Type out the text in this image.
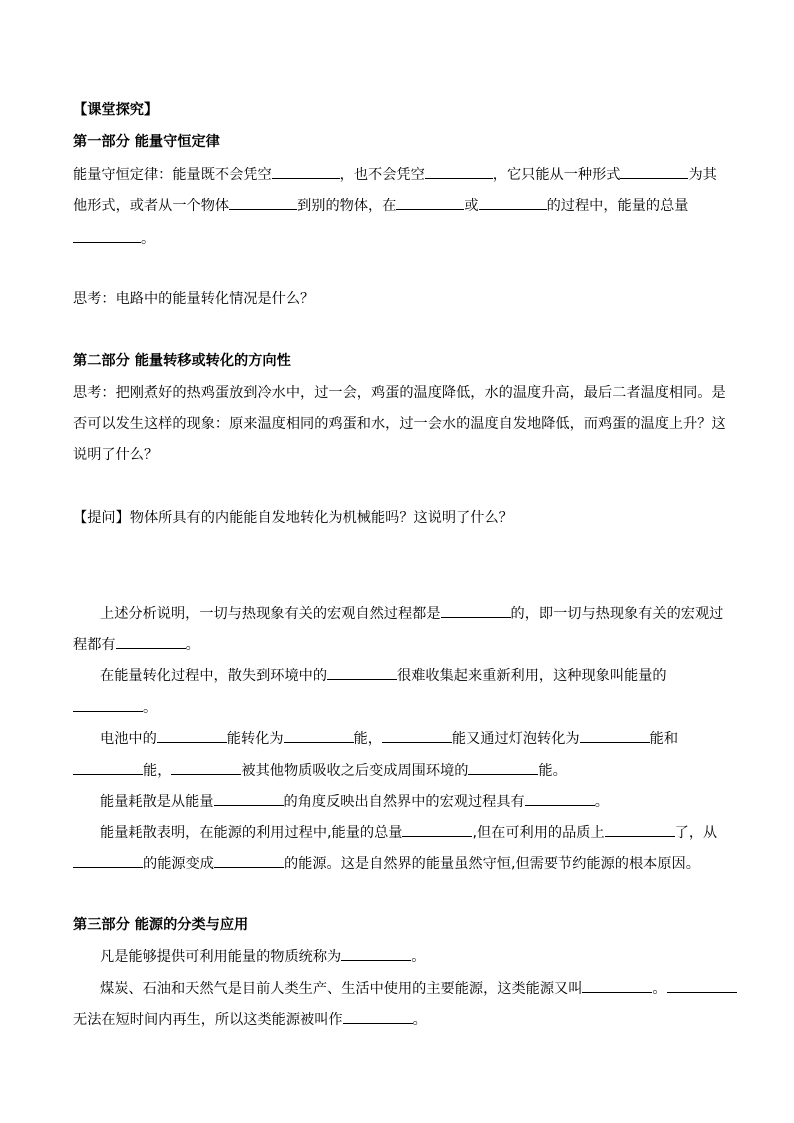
【课堂探究】
第一部分 能量守恒定律
能量守恒定律：能量既不会凭空	，也不会凭空	，它只能从一种形式	为其
他形式，或者从一个物体	到别的物体，在	或	的过程中，能量的总量
。
思考：电路中的能量转化情况是什么？
第二部分 能量转移或转化的方向性
思考：把刚煮好的热鸡蛋放到冷水中，过一会，鸡蛋的温度降低，水的温度升高，最后二者温度相同。是
否可以发生这样的现象：原来温度相同的鸡蛋和水，过一会水的温度自发地降低，而鸡蛋的温度上升？这
说明了什么？
【提问】物体所具有的内能能自发地转化为机械能吗？这说明了什么？
上述分析说明，一切与热现象有关的宏观自然过程都是	的，即一切与热现象有关的宏观过
程都有	。
在能量转化过程中，散失到环境中的	很难收集起来重新利用，这种现象叫能量的
。
电池中的	能转化为	能，	能又通过灯泡转化为	能和
能，	被其他物质吸收之后变成周围环境的	能。
能量耗散是从能量	的角度反映出自然界中的宏观过程具有	。
能量耗散表明，在能源的利用过程中,能量的总量	,但在可利用的品质上	了，从
的能源变成	的能源。这是自然界的能量虽然守恒,但需要节约能源的根本原因。
第三部分 能源的分类与应用
凡是能够提供可利用能量的物质统称为	。
煤炭、石油和天然气是目前人类生产、生活中使用的主要能源，这类能源又叫	。
无法在短时间内再生，所以这类能源被叫作	。
